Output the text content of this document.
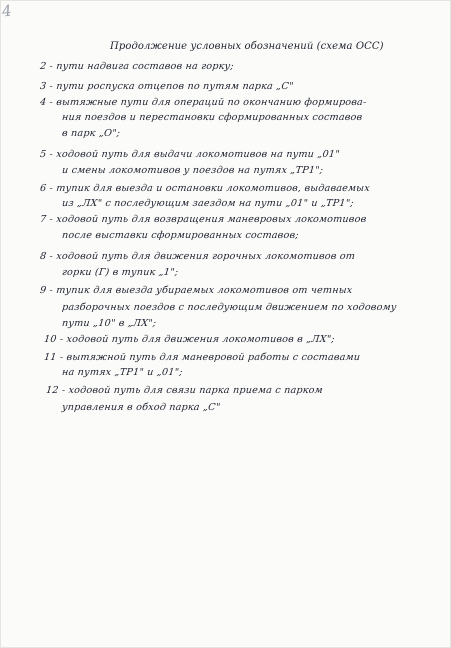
4
Продолжение условных обозначений (схема ОСС)
2 - пути надвига составов на горку;
3 - пути роспуска отцепов по путям парка „С"
4 - вытяжные пути для операций по окончанию формирова-
ния поездов и перестановки сформированных составов
в парк „О";
5 - ходовой путь для выдачи локомотивов на пути „01"
и смены локомотивов у поездов на путях „ТР1";
6 - тупик для выезда и остановки локомотивов, выдаваемых
из „ЛХ" с последующим заездом на пути „01" и „ТР1";
7 - ходовой путь для возвращения маневровых локомотивов
после выставки сформированных составов;
8 - ходовой путь для движения горочных локомотивов от
горки (Г) в тупик „1";
9 - тупик для выезда убираемых локомотивов от четных
разборочных поездов с последующим движением по ходовому
пути „10" в „ЛХ";
10 - ходовой путь для движения локомотивов в „ЛХ";
11 - вытяжной путь для маневровой работы с составами
на путях „ТР1" и „01";
12 - ходовой путь для связи парка приема с парком
управления в обход парка „С"
